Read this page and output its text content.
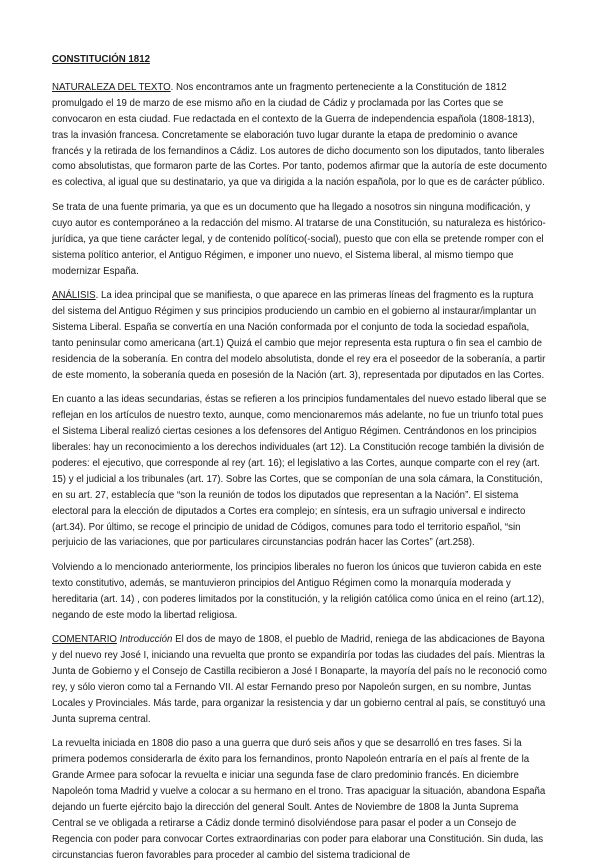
CONSTITUCIÓN 1812

NATURALEZA DEL TEXTO. Nos encontramos ante un fragmento perteneciente a la Constitución de 1812 promulgado el 19 de marzo de ese mismo año en la ciudad de Cádiz y proclamada por las Cortes que se convocaron en esta ciudad. Fue redactada en el contexto de la Guerra de independencia española (1808-1813), tras la invasión francesa. Concretamente se elaboración tuvo lugar durante la etapa de predominio o avance francés y la retirada de los fernandinos a Cádiz. Los autores de dicho documento son los diputados, tanto liberales como absolutistas, que formaron parte de las Cortes. Por tanto, podemos afirmar que la autoría de este documento es colectiva, al igual que su destinatario, ya que va dirigida a la nación española, por lo que es de carácter público.

Se trata de una fuente primaria, ya que es un documento que ha llegado a nosotros sin ninguna modificación, y cuyo autor es contemporáneo a la redacción del mismo. Al tratarse de una Constitución, su naturaleza es histórico-jurídica, ya que tiene carácter legal, y de contenido político(-social), puesto que con ella se pretende romper con el sistema político anterior, el Antiguo Régimen, e imponer uno nuevo, el Sistema liberal, al mismo tiempo que modernizar España.

ANÁLISIS. La idea principal que se manifiesta, o que aparece en las primeras líneas del fragmento es la ruptura del sistema del Antiguo Régimen y sus principios produciendo un cambio en el gobierno al instaurar/implantar un Sistema Liberal. España se convertía en una Nación conformada por el conjunto de toda la sociedad española, tanto peninsular como americana (art.1) Quizá el cambio que mejor representa esta ruptura o fin sea el cambio de residencia de la soberanía. En contra del modelo absolutista, donde el rey era el poseedor de la soberanía, a partir de este momento, la soberanía queda en posesión de la Nación (art. 3), representada por diputados en las Cortes.

En cuanto a las ideas secundarias, éstas se refieren a los principios fundamentales del nuevo estado liberal que se reflejan en los artículos de nuestro texto, aunque, como mencionaremos más adelante, no fue un triunfo total pues el Sistema Liberal realizó ciertas cesiones a los defensores del Antiguo Régimen. Centrándonos en los principios liberales: hay un reconocimiento a los derechos individuales (art 12). La Constitución recoge también la división de poderes: el ejecutivo, que corresponde al rey (art. 16); el legislativo a las Cortes, aunque comparte con el rey (art. 15) y el judicial a los tribunales (art. 17). Sobre las Cortes, que se componían de una sola cámara, la Constitución, en su art. 27, establecía que “son la reunión de todos los diputados que representan a la Nación”. El sistema electoral para la elección de diputados a Cortes era complejo; en síntesis, era un sufragio universal e indirecto (art.34). Por último, se recoge el principio de unidad de Códigos, comunes para todo el territorio español, “sin perjuicio de las variaciones, que por particulares circunstancias podrán hacer las Cortes” (art.258).

Volviendo a lo mencionado anteriormente, los principios liberales no fueron los únicos que tuvieron cabida en este texto constitutivo, además, se mantuvieron principios del Antiguo Régimen como la monarquía moderada y hereditaria (art. 14) , con poderes limitados por la constitución, y la religión católica como única en el reino (art.12), negando de este modo la libertad religiosa.

COMENTARIO Introducción El dos de mayo de 1808, el pueblo de Madrid, reniega de las abdicaciones de Bayona y del nuevo rey José I, iniciando una revuelta que pronto se expandiría por todas las ciudades del país. Mientras la Junta de Gobierno y el Consejo de Castilla recibieron a José I Bonaparte, la mayoría del país no le reconoció como rey, y sólo vieron como tal a Fernando VII. Al estar Fernando preso por Napoleón surgen, en su nombre, Juntas Locales y Provinciales. Más tarde, para organizar la resistencia y dar un gobierno central al país, se constituyó una Junta suprema central.

La revuelta iniciada en 1808 dio paso a una guerra que duró seis años y que se desarrolló en tres fases. Si la primera podemos considerarla de éxito para los fernandinos, pronto Napoleón entraría en el país al frente de la Grande Armee para sofocar la revuelta e iniciar una segunda fase de claro predominio francés. En diciembre Napoleón toma Madrid y vuelve a colocar a su hermano en el trono. Tras apaciguar la situación, abandona España dejando un fuerte ejército bajo la dirección del general Soult. Antes de Noviembre de 1808 la Junta Suprema Central se ve obligada a retirarse a Cádiz donde terminó disolviéndose para pasar el poder a un Consejo de Regencia con poder para convocar Cortes extraordinarias con poder para elaborar una Constitución. Sin duda, las circunstancias fueron favorables para proceder al cambio del sistema tradicional de
